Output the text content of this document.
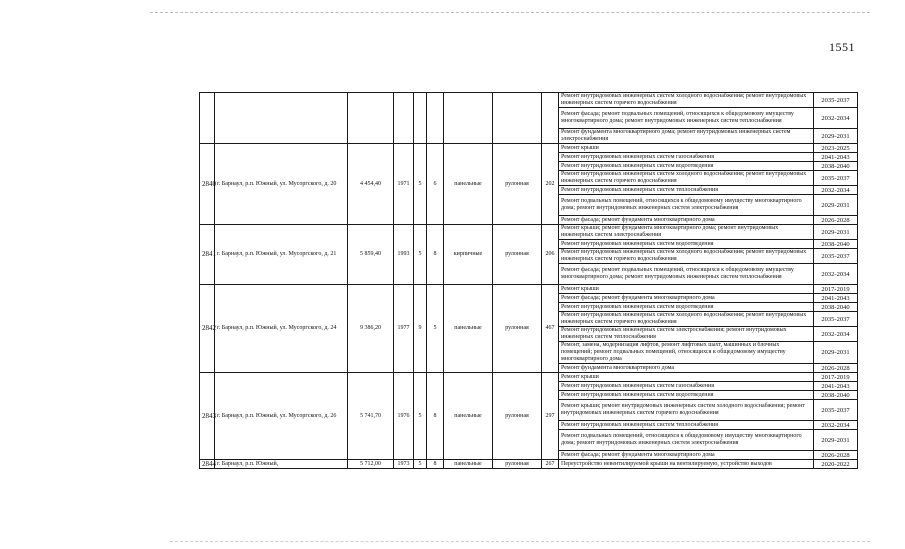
1551
									Ремонт внутридомовых инженерных систем холодного водоснабжения; ремонт внутридомовых инженерных систем горячего водоснабжения	2035-2037
									Ремонт фасада; ремонт подвальных помещений, относящихся к общедомовому имуществу многоквартирного дома; ремонт внутридомовых инженерных систем теплоснабжения	2032-2034
									Ремонт фундамента многоквартирного дома; ремонт внутридомовых инженерных систем электроснабжения	2029-2031
2840	г. Барнаул, р.п. Южный, ул. Мусоргского, д. 20	4 454,40	1971	5	6	панельные	рулонная	202	Ремонт крыши	2023-2025
									Ремонт внутридомовых инженерных систем газоснабжения	2041-2043
									Ремонт внутридомовых инженерных систем водоотведения	2038-2040
									Ремонт внутридомовых инженерных систем холодного водоснабжения; ремонт внутридомовых инженерных систем горячего водоснабжения	2035-2037
									Ремонт внутридомовых инженерных систем теплоснабжения	2032-2034
									Ремонт подвальных помещений, относящихся к общедомовому имуществу многоквартирного дома; ремонт внутридомовых инженерных систем электроснабжения	2029-2031
									Ремонт фасада; ремонт фундамента многоквартирного дома	2026-2028
2841	г. Барнаул, р.п. Южный, ул. Мусоргского, д. 21	5 859,40	1993	5	8	кирпичные	рулонная	206	Ремонт крыши; ремонт фундамента многоквартирного дома; ремонт внутридомовых инженерных систем электроснабжения	2029-2031
									Ремонт внутридомовых инженерных систем водоотведения	2038-2040
									Ремонт внутридомовых инженерных систем холодного водоснабжения; ремонт внутридомовых инженерных систем горячего водоснабжения	2035-2037
									Ремонт фасада; ремонт подвальных помещений, относящихся к общедомовому имуществу многоквартирного дома; ремонт внутридомовых инженерных систем теплоснабжения	2032-2034
2842	г. Барнаул, р.п. Южный, ул. Мусоргского, д. 24	9 386,20	1977	9	5	панельные	рулонная	467	Ремонт крыши	2017-2019
									Ремонт фасада; ремонт фундамента многоквартирного дома	2041-2043
									Ремонт внутридомовых инженерных систем водоотведения	2038-2040
									Ремонт внутридомовых инженерных систем холодного водоснабжения; ремонт внутридомовых инженерных систем горячего водоснабжения	2035-2037
									Ремонт внутридомовых инженерных систем электроснабжения; ремонт внутридомовых инженерных систем теплоснабжения	2032-2034
									Ремонт, замена, модернизация лифтов, ремонт лифтовых шахт, машинных и блочных помещений; ремонт подвальных помещений, относящихся к общедомовому имуществу многоквартирного дома	2029-2031
									Ремонт фундамента многоквартирного дома	2026-2028
2843	г. Барнаул, р.п. Южный, ул. Мусоргского, д. 26	5 741,70	1976	5	8	панельные	рулонная	297	Ремонт крыши	2017-2019
									Ремонт внутридомовых инженерных систем газоснабжения	2041-2043
									Ремонт внутридомовых инженерных систем водоотведения	2038-2040
									Ремонт крыши; ремонт внутридомовых инженерных систем холодного водоснабжения; ремонт внутридомовых инженерных систем горячего водоснабжения	2035-2037
									Ремонт внутридомовых инженерных систем теплоснабжения	2032-2034
									Ремонт подвальных помещений, относящихся к общедомовому имуществу многоквартирного дома; ремонт внутридомовых инженерных систем электроснабжения	2029-2031
									Ремонт фасада; ремонт фундамента многоквартирного дома	2026-2028
2844	г. Барнаул, р.п. Южный,	5 712,00	1973	5	8	панельные	рулонная	267	Переустройство невентилируемой крыши на вентилируемую, устройство выходов	2020-2022
